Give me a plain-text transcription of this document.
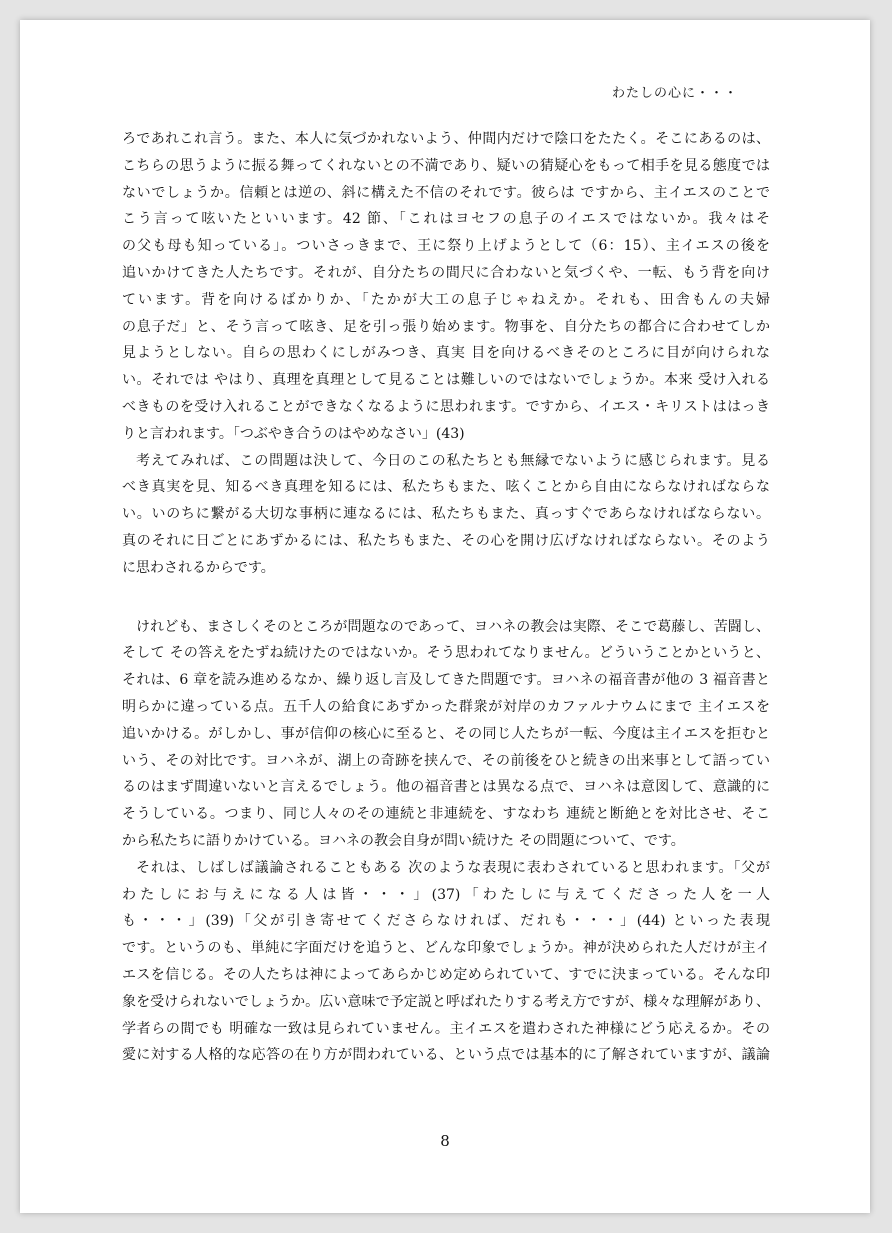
わたしの心に・・・
ろであれこれ言う。また、本人に気づかれないよう、仲間内だけで陰口をたたく。そこにあるのは、
こちらの思うように振る舞ってくれないとの不満であり、疑いの猜疑心をもって相手を見る態度では
ないでしょうか。信頼とは逆の、斜に構えた不信のそれです。彼らは ですから、主イエスのことで
こう言って呟いたといいます。42 節、「これはヨセフの息子のイエスではないか。我々はそ
の父も母も知っている」。ついさっきまで、王に祭り上げようとして（6：15）、主イエスの後を
追いかけてきた人たちです。それが、自分たちの間尺に合わないと気づくや、一転、もう背を向け
ています。背を向けるばかりか、「たかが大工の息子じゃねえか。それも、田舎もんの夫婦
の息子だ」と、そう言って呟き、足を引っ張り始めます。物事を、自分たちの都合に合わせてしか
見ようとしない。自らの思わくにしがみつき、真実 目を向けるべきそのところに目が向けられな
い。それでは やはり、真理を真理として見ることは難しいのではないでしょうか。本来 受け入れる
べきものを受け入れることができなくなるように思われます。ですから、イエス・キリストははっき
りと言われます。「つぶやき合うのはやめなさい」(43)
考えてみれば、この問題は決して、今日のこの私たちとも無縁でないように感じられます。見る
べき真実を見、知るべき真理を知るには、私たちもまた、呟くことから自由にならなければならな
い。いのちに繋がる大切な事柄に連なるには、私たちもまた、真っすぐであらなければならない。
真のそれに日ごとにあずかるには、私たちもまた、その心を開け広げなければならない。そのよう
に思わされるからです。
けれども、まさしくそのところが問題なのであって、ヨハネの教会は実際、そこで葛藤し、苦闘し、
そして その答えをたずね続けたのではないか。そう思われてなりません。どういうことかというと、
それは、6 章を読み進めるなか、繰り返し言及してきた問題です。ヨハネの福音書が他の 3 福音書と
明らかに違っている点。五千人の給食にあずかった群衆が対岸のカファルナウムにまで 主イエスを
追いかける。がしかし、事が信仰の核心に至ると、その同じ人たちが一転、今度は主イエスを拒むと
いう、その対比です。ヨハネが、湖上の奇跡を挟んで、その前後をひと続きの出来事として語ってい
るのはまず間違いないと言えるでしょう。他の福音書とは異なる点で、ヨハネは意図して、意識的に
そうしている。つまり、同じ人々のその連続と非連続を、すなわち 連続と断絶とを対比させ、そこ
から私たちに語りかけている。ヨハネの教会自身が問い続けた その問題について、です。
それは、しばしば議論されることもある 次のような表現に表わされていると思われます。「父が
わたしにお与えになる人は皆・・・」(37)「わたしに与えてくださった人を一人
も・・・」(39)「父が引き寄せてくださらなければ、だれも・・・」(44) といった表現
です。というのも、単純に字面だけを追うと、どんな印象でしょうか。神が決められた人だけが主イ
エスを信じる。その人たちは神によってあらかじめ定められていて、すでに決まっている。そんな印
象を受けられないでしょうか。広い意味で予定説と呼ばれたりする考え方ですが、様々な理解があり、
学者らの間でも 明確な一致は見られていません。主イエスを遣わされた神様にどう応えるか。その
愛に対する人格的な応答の在り方が問われている、という点では基本的に了解されていますが、議論
8
